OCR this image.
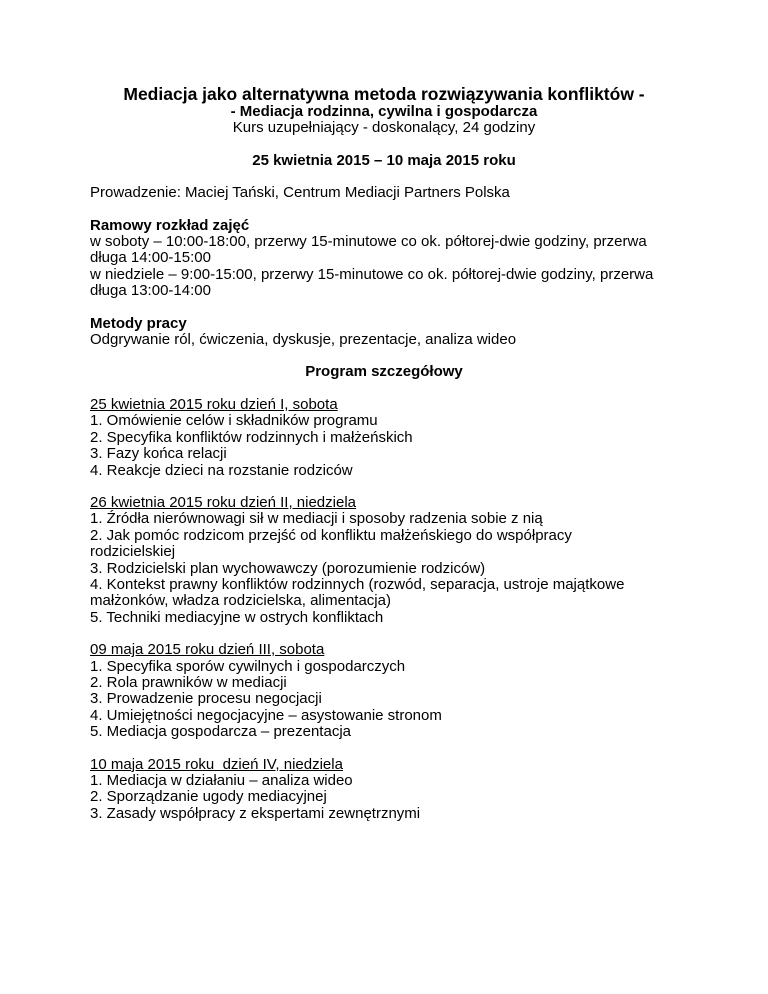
Mediacja jako alternatywna metoda rozwiązywania konfliktów -
- Mediacja rodzinna, cywilna i gospodarcza
Kurs uzupełniający - doskonalący, 24 godziny
25 kwietnia 2015 – 10 maja 2015 roku
Prowadzenie: Maciej Tański, Centrum Mediacji Partners Polska
Ramowy rozkład zajęć
w soboty – 10:00-18:00, przerwy 15-minutowe co ok. półtorej-dwie godziny, przerwa
długa 14:00-15:00
w niedziele – 9:00-15:00, przerwy 15-minutowe co ok. półtorej-dwie godziny, przerwa
długa 13:00-14:00
Metody pracy
Odgrywanie ról, ćwiczenia, dyskusje, prezentacje, analiza wideo
Program szczegółowy
25 kwietnia 2015 roku dzień I, sobota
1. Omówienie celów i składników programu
2. Specyfika konfliktów rodzinnych i małżeńskich
3. Fazy końca relacji
4. Reakcje dzieci na rozstanie rodziców
26 kwietnia 2015 roku dzień II, niedziela
1. Źródła nierównowagi sił w mediacji i sposoby radzenia sobie z nią
2. Jak pomóc rodzicom przejść od konfliktu małżeńskiego do współpracy
rodzicielskiej
3. Rodzicielski plan wychowawczy (porozumienie rodziców)
4. Kontekst prawny konfliktów rodzinnych (rozwód, separacja, ustroje majątkowe
małżonków, władza rodzicielska, alimentacja)
5. Techniki mediacyjne w ostrych konfliktach
09 maja 2015 roku dzień III, sobota
1. Specyfika sporów cywilnych i gospodarczych
2. Rola prawników w mediacji
3. Prowadzenie procesu negocjacji
4. Umiejętności negocjacyjne – asystowanie stronom
5. Mediacja gospodarcza – prezentacja
10 maja 2015 roku  dzień IV, niedziela
1. Mediacja w działaniu – analiza wideo
2. Sporządzanie ugody mediacyjnej
3. Zasady współpracy z ekspertami zewnętrznymi
